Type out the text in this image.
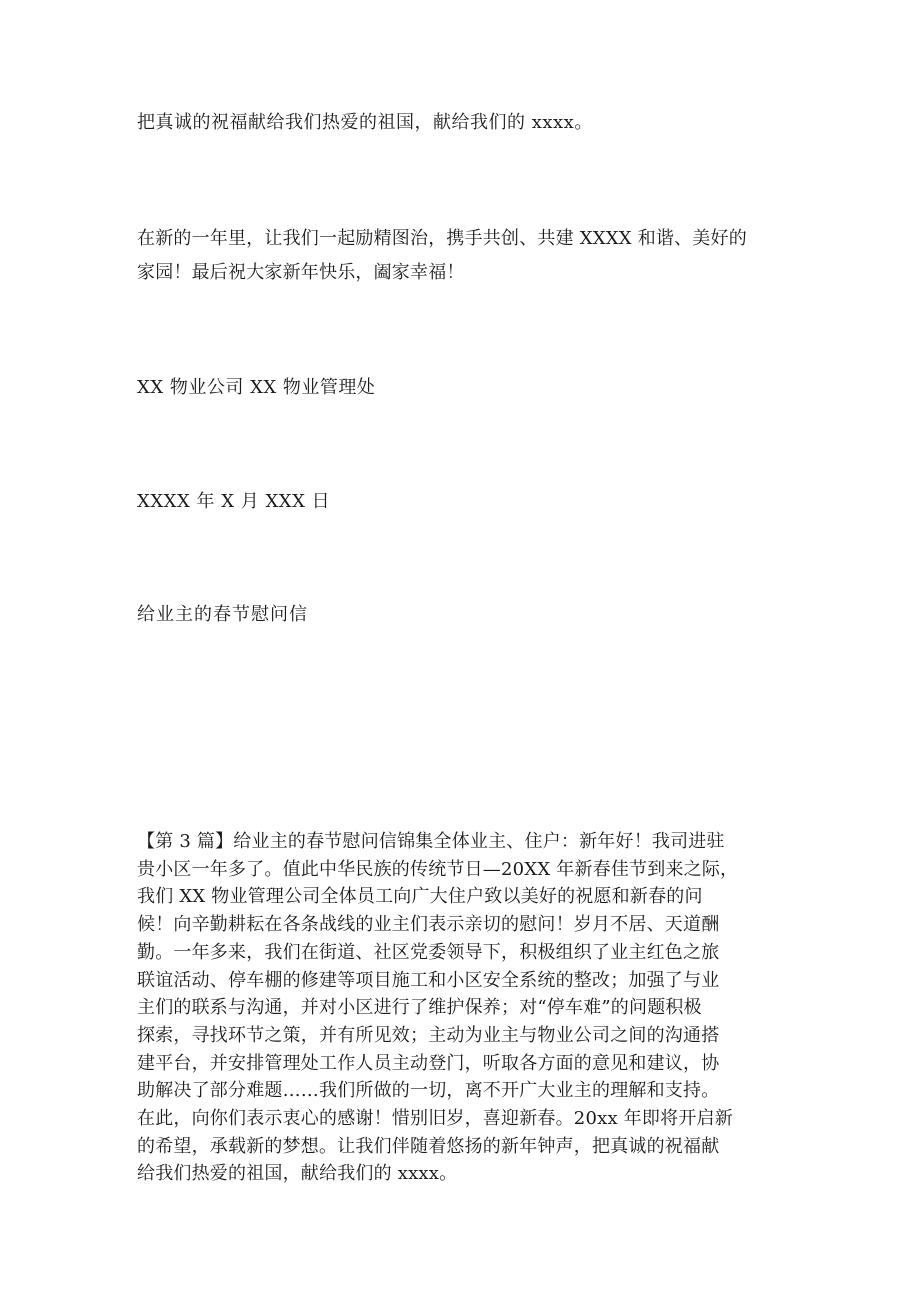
把真诚的祝福献给我们热爱的祖国，献给我们的 xxxx。

在新的一年里，让我们一起励精图治，携手共创、共建 XXXX 和谐、美好的
家园！最后祝大家新年快乐，阖家幸福！

XX 物业公司 XX 物业管理处

XXXX 年 X 月 XXX 日

给业主的春节慰问信

【第 3 篇】给业主的春节慰问信锦集全体业主、住户：新年好！我司进驻
贵小区一年多了。值此中华民族的传统节日—20XX 年新春佳节到来之际，
我们 XX 物业管理公司全体员工向广大住户致以美好的祝愿和新春的问
候！向辛勤耕耘在各条战线的业主们表示亲切的慰问！岁月不居、天道酬
勤。一年多来，我们在街道、社区党委领导下，积极组织了业主红色之旅
联谊活动、停车棚的修建等项目施工和小区安全系统的整改；加强了与业
主们的联系与沟通，并对小区进行了维护保养；对“停车难”的问题积极
探索，寻找环节之策，并有所见效；主动为业主与物业公司之间的沟通搭
建平台，并安排管理处工作人员主动登门，听取各方面的意见和建议，协
助解决了部分难题……我们所做的一切，离不开广大业主的理解和支持。
在此，向你们表示衷心的感谢！惜别旧岁，喜迎新春。20xx 年即将开启新
的希望，承载新的梦想。让我们伴随着悠扬的新年钟声，把真诚的祝福献
给我们热爱的祖国，献给我们的 xxxx。
